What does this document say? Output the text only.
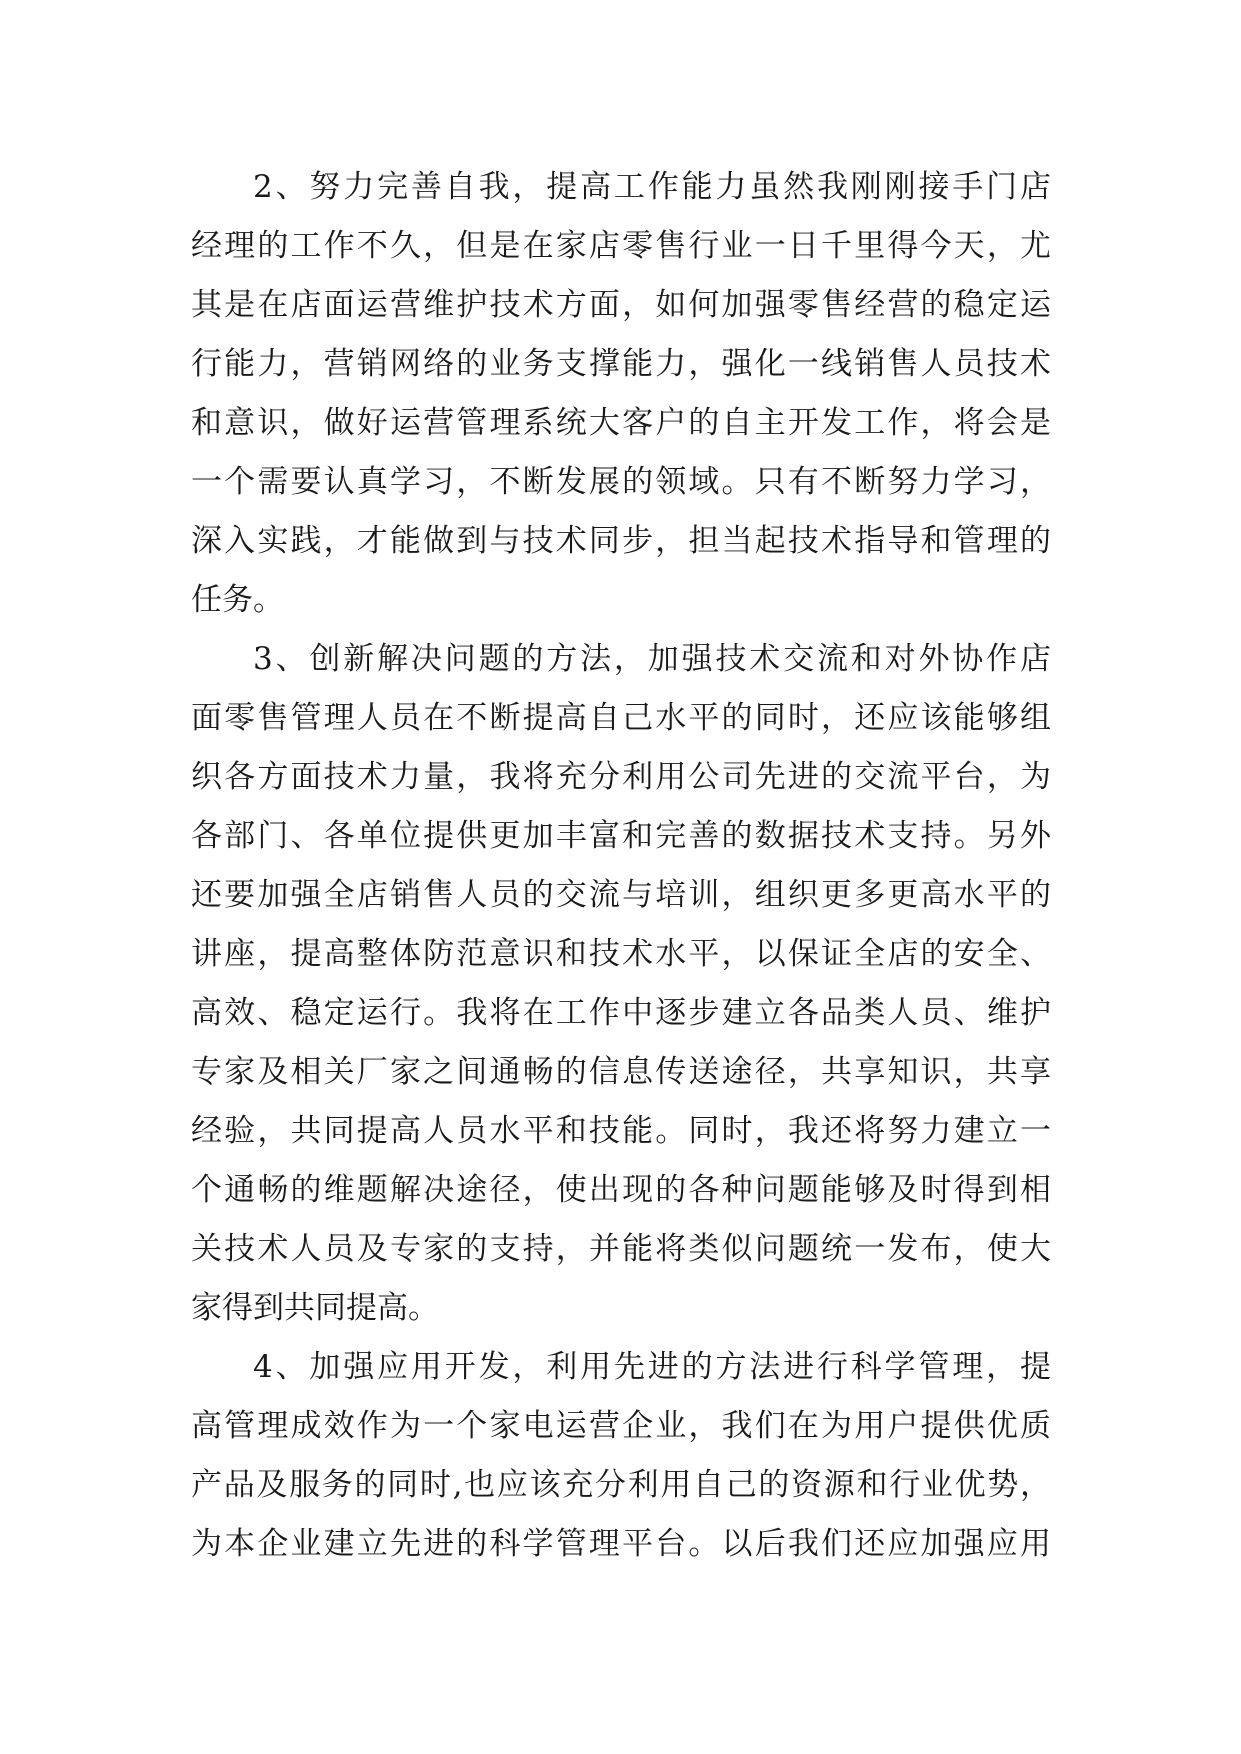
2、努力完善自我，提高工作能力虽然我刚刚接手门店
经理的工作不久，但是在家店零售行业一日千里得今天，尤
其是在店面运营维护技术方面，如何加强零售经营的稳定运
行能力，营销网络的业务支撑能力，强化一线销售人员技术
和意识，做好运营管理系统大客户的自主开发工作，将会是
一个需要认真学习，不断发展的领域。只有不断努力学习，
深入实践，才能做到与技术同步，担当起技术指导和管理的
任务。
3、创新解决问题的方法，加强技术交流和对外协作店
面零售管理人员在不断提高自己水平的同时，还应该能够组
织各方面技术力量，我将充分利用公司先进的交流平台，为
各部门、各单位提供更加丰富和完善的数据技术支持。另外
还要加强全店销售人员的交流与培训，组织更多更高水平的
讲座，提高整体防范意识和技术水平，以保证全店的安全、
高效、稳定运行。我将在工作中逐步建立各品类人员、维护
专家及相关厂家之间通畅的信息传送途径，共享知识，共享
经验，共同提高人员水平和技能。同时，我还将努力建立一
个通畅的维题解决途径，使出现的各种问题能够及时得到相
关技术人员及专家的支持，并能将类似问题统一发布，使大
家得到共同提高。
4、加强应用开发，利用先进的方法进行科学管理，提
高管理成效作为一个家电运营企业，我们在为用户提供优质
产品及服务的同时,也应该充分利用自己的资源和行业优势，
为本企业建立先进的科学管理平台。以后我们还应加强应用
